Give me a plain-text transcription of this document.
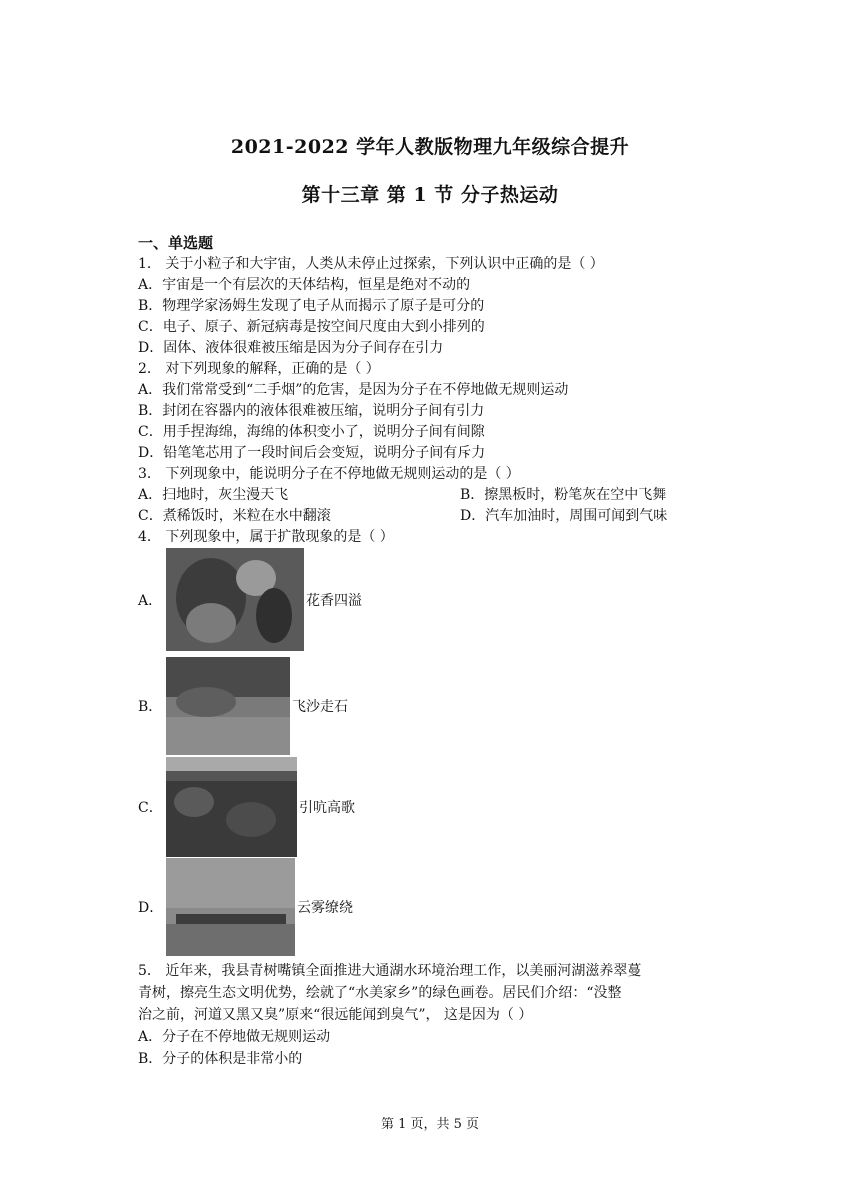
2021-2022 学年人教版物理九年级综合提升
第十三章 第 1 节 分子热运动
一、单选题
1． 关于小粒子和大宇宙，人类从未停止过探索，下列认识中正确的是（ ）
A．宇宙是一个有层次的天体结构，恒星是绝对不动的
B．物理学家汤姆生发现了电子从而揭示了原子是可分的
C．电子、原子、新冠病毒是按空间尺度由大到小排列的
D．固体、液体很难被压缩是因为分子间存在引力
2． 对下列现象的解释，正确的是（ ）
A．我们常常受到“二手烟”的危害，是因为分子在不停地做无规则运动
B．封闭在容器内的液体很难被压缩，说明分子间有引力
C．用手捏海绵，海绵的体积变小了，说明分子间有间隙
D．铅笔笔芯用了一段时间后会变短，说明分子间有斥力
3． 下列现象中，能说明分子在不停地做无规则运动的是（ ）
A．扫地时，灰尘漫天飞	B．擦黑板时，粉笔灰在空中飞舞
C．煮稀饭时，米粒在水中翻滚	D．汽车加油时，周围可闻到气味
4． 下列现象中，属于扩散现象的是（ ）
A．	花香四溢
B．	飞沙走石
C．	引吭高歌
D．	云雾缭绕
5． 近年来，我县青树嘴镇全面推进大通湖水环境治理工作，以美丽河湖滋养翠蔓
青树，擦亮生态文明优势，绘就了“水美家乡”的绿色画卷。居民们介绍：“没整
治之前，河道又黑又臭”原来“很远能闻到臭气”， 这是因为（ ）
A．分子在不停地做无规则运动
B．分子的体积是非常小的
第 1 页，共 5 页
